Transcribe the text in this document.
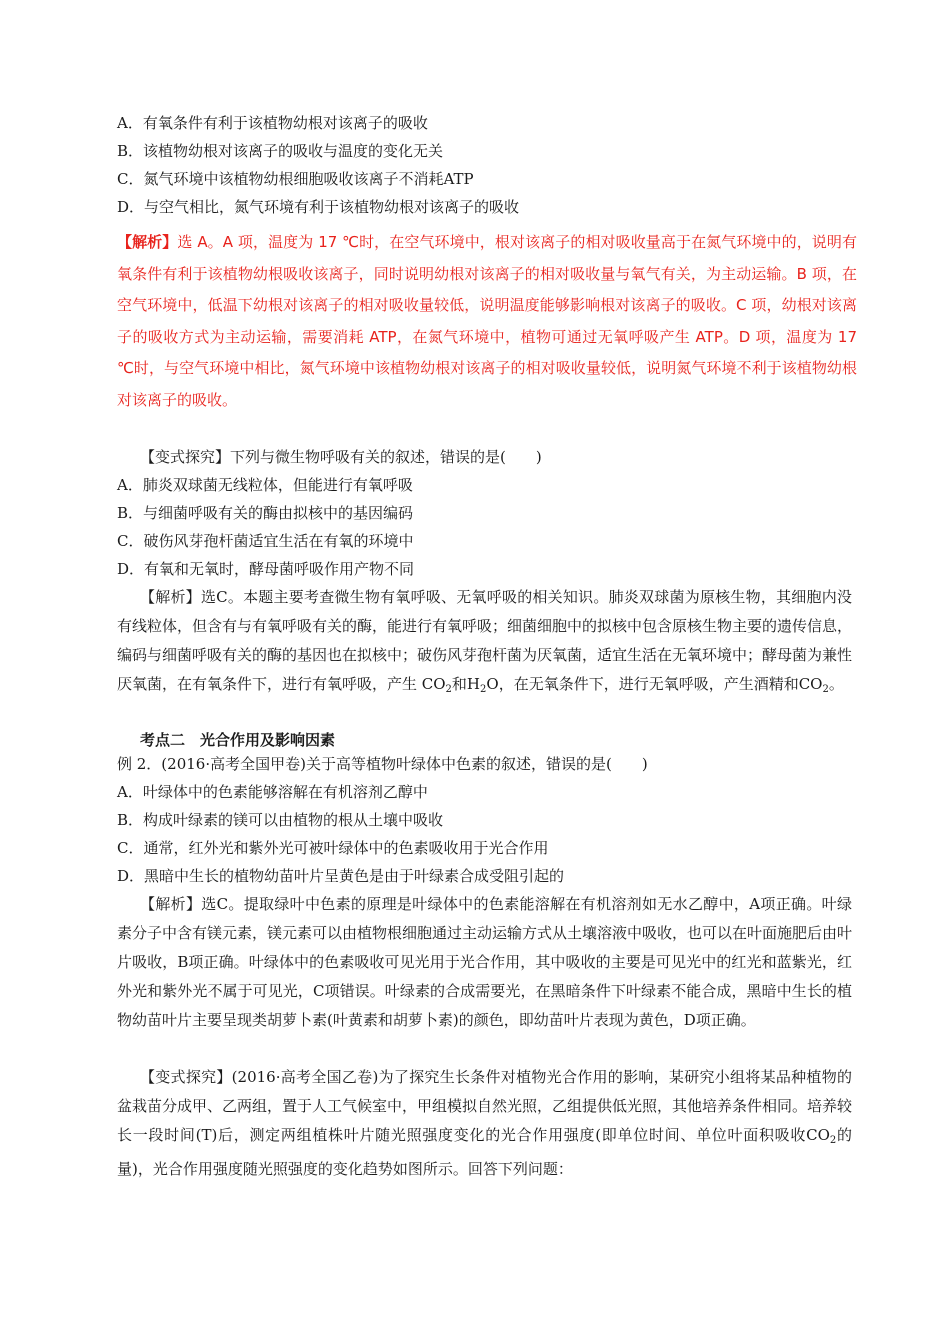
A．有氧条件有利于该植物幼根对该离子的吸收
B．该植物幼根对该离子的吸收与温度的变化无关
C．氮气环境中该植物幼根细胞吸收该离子不消耗ATP
D．与空气相比，氮气环境有利于该植物幼根对该离子的吸收
【解析】选 A。A 项，温度为 17 ℃时，在空气环境中，根对该离子的相对吸收量高于在氮气环境中的，说明有氧条件有利于该植物幼根吸收该离子，同时说明幼根对该离子的相对吸收量与氧气有关，为主动运输。B 项，在空气环境中，低温下幼根对该离子的相对吸收量较低，说明温度能够影响根对该离子的吸收。C 项，幼根对该离子的吸收方式为主动运输，需要消耗 ATP，在氮气环境中，植物可通过无氧呼吸产生 ATP。D 项，温度为 17 ℃时，与空气环境中相比，氮气环境中该植物幼根对该离子的相对吸收量较低，说明氮气环境不利于该植物幼根对该离子的吸收。
【变式探究】下列与微生物呼吸有关的叙述，错误的是(　　)
A．肺炎双球菌无线粒体，但能进行有氧呼吸
B．与细菌呼吸有关的酶由拟核中的基因编码
C．破伤风芽孢杆菌适宜生活在有氧的环境中
D．有氧和无氧时，酵母菌呼吸作用产物不同
【解析】选C。本题主要考查微生物有氧呼吸、无氧呼吸的相关知识。肺炎双球菌为原核生物，其细胞内没有线粒体，但含有与有氧呼吸有关的酶，能进行有氧呼吸；细菌细胞中的拟核中包含原核生物主要的遗传信息，编码与细菌呼吸有关的酶的基因也在拟核中；破伤风芽孢杆菌为厌氧菌，适宜生活在无氧环境中；酵母菌为兼性厌氧菌，在有氧条件下，进行有氧呼吸，产生 $CO_2$和$H_2O$，在无氧条件下，进行无氧呼吸，产生酒精和$CO_2$。
考点二　光合作用及影响因素
例 2．(2016·高考全国甲卷)关于高等植物叶绿体中色素的叙述，错误的是(　　)
A．叶绿体中的色素能够溶解在有机溶剂乙醇中
B．构成叶绿素的镁可以由植物的根从土壤中吸收
C．通常，红外光和紫外光可被叶绿体中的色素吸收用于光合作用
D．黑暗中生长的植物幼苗叶片呈黄色是由于叶绿素合成受阻引起的
【解析】选C。提取绿叶中色素的原理是叶绿体中的色素能溶解在有机溶剂如无水乙醇中，A项正确。叶绿素分子中含有镁元素，镁元素可以由植物根细胞通过主动运输方式从土壤溶液中吸收，也可以在叶面施肥后由叶片吸收，B项正确。叶绿体中的色素吸收可见光用于光合作用，其中吸收的主要是可见光中的红光和蓝紫光，红外光和紫外光不属于可见光，C项错误。叶绿素的合成需要光，在黑暗条件下叶绿素不能合成，黑暗中生长的植物幼苗叶片主要呈现类胡萝卜素(叶黄素和胡萝卜素)的颜色，即幼苗叶片表现为黄色，D项正确。
【变式探究】(2016·高考全国乙卷)为了探究生长条件对植物光合作用的影响，某研究小组将某品种植物的盆栽苗分成甲、乙两组，置于人工气候室中，甲组模拟自然光照，乙组提供低光照，其他培养条件相同。培养较长一段时间(T)后，测定两组植株叶片随光照强度变化的光合作用强度(即单位时间、单位叶面积吸收$CO_2$的量)，光合作用强度随光照强度的变化趋势如图所示。回答下列问题：
